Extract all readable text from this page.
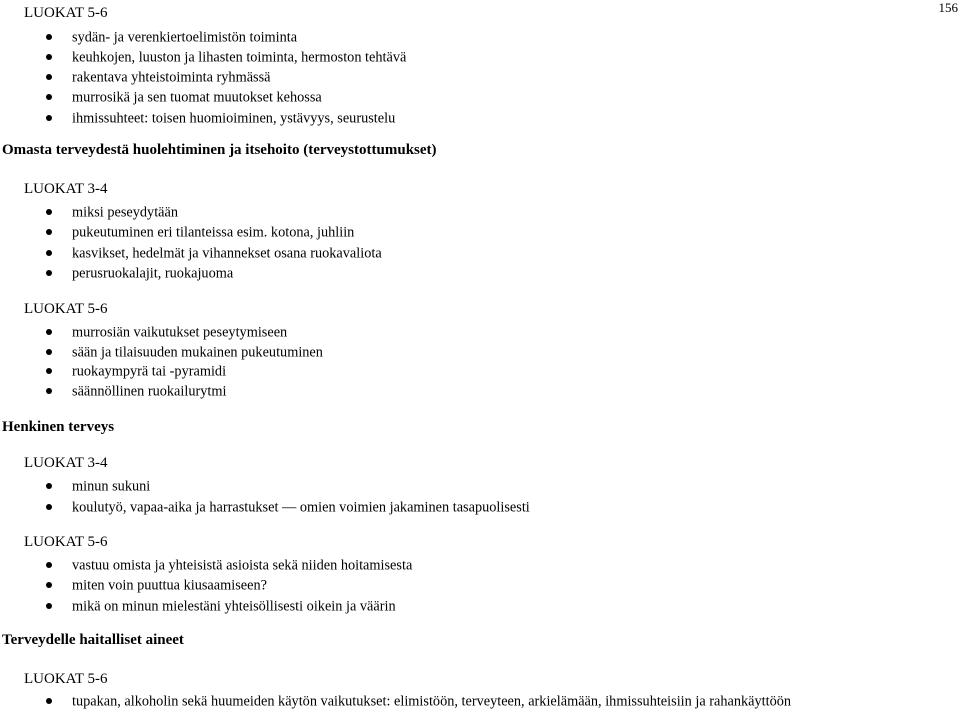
156
LUOKAT 5-6
sydän- ja verenkiertoelimistön toiminta
keuhkojen, luuston ja lihasten toiminta, hermoston tehtävä
rakentava yhteistoiminta ryhmässä
murrosikä ja sen tuomat muutokset kehossa
ihmissuhteet: toisen huomioiminen, ystävyys, seurustelu
Omasta terveydestä huolehtiminen ja itsehoito (terveystottumukset)
LUOKAT 3-4
miksi peseydytään
pukeutuminen eri tilanteissa esim. kotona, juhliin
kasvikset, hedelmät ja vihannekset osana ruokavaliota
perusruokalajit, ruokajuoma
LUOKAT 5-6
murrosiän vaikutukset peseytymiseen
sään ja tilaisuuden mukainen pukeutuminen
ruokaympyrä tai -pyramidi
säännöllinen ruokailurytmi
Henkinen terveys
LUOKAT 3-4
minun sukuni
koulutyö, vapaa-aika ja harrastukset — omien voimien jakaminen tasapuolisesti
LUOKAT 5-6
vastuu omista ja yhteisistä asioista sekä niiden hoitamisesta
miten voin puuttua kiusaamiseen?
mikä on minun mielestäni yhteisöllisesti oikein ja väärin
Terveydelle haitalliset aineet
LUOKAT 5-6
tupakan, alkoholin sekä huumeiden käytön vaikutukset: elimistöön, terveyteen, arkielämään, ihmissuhteisiin ja rahankäyttöön
